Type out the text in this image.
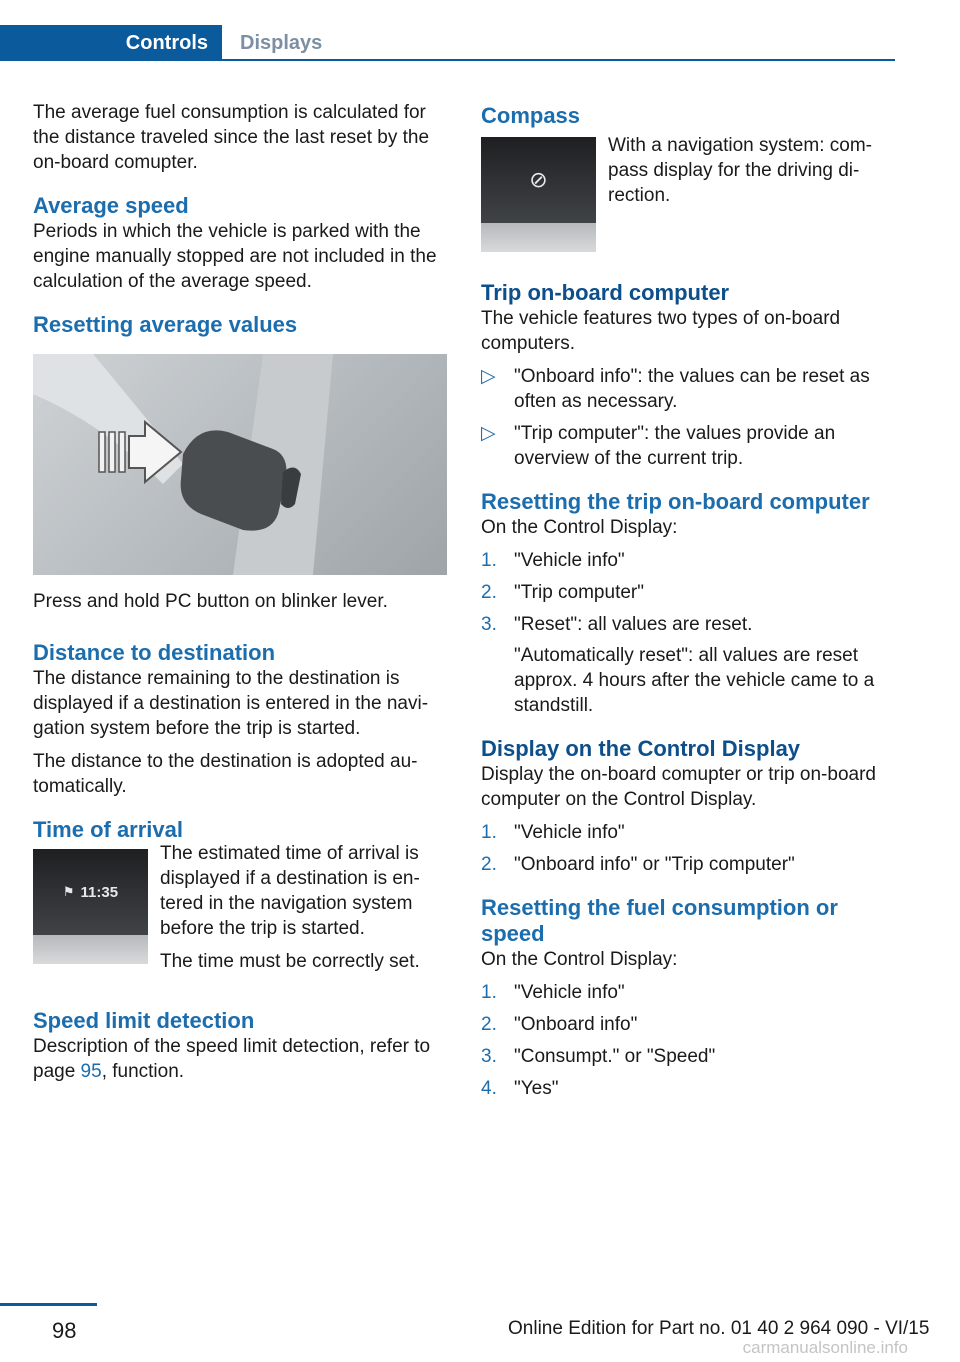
Controls	Displays

The average fuel consumption is calculated for the distance traveled since the last reset by the on-board comupter.

Average speed

Periods in which the vehicle is parked with the engine manually stopped are not included in the calculation of the average speed.

Resetting average values

Press and hold PC button on blinker lever.

Distance to destination

The distance remaining to the destination is displayed if a destination is entered in the navi‐gation system before the trip is started.

The distance to the destination is adopted au‐tomatically.

Time of arrival
⚑ 11:35

The estimated time of arrival is displayed if a destination is en‐tered in the navigation system before the trip is started.

The time must be correctly set.

Speed limit detection

Description of the speed limit detection, refer to page 95, function.

Compass
⊘

With a navigation system: com‐pass display for the driving di‐rection.

Trip on-board computer

The vehicle features two types of on-board computers.

▷ "Onboard info": the values can be reset as often as necessary.
▷ "Trip computer": the values provide an overview of the current trip.
Resetting the trip on-board computer

On the Control Display:

1. "Vehicle info"
2. "Trip computer"
3. "Reset": all values are reset.

"Automatically reset": all values are reset approx. 4 hours after the vehicle came to a standstill.

Display on the Control Display

Display the on-board comupter or trip on-board computer on the Control Display.

1. "Vehicle info"
2. "Onboard info" or "Trip computer"
Resetting the fuel consumption or speed

On the Control Display:

1. "Vehicle info"
2. "Onboard info"
3. "Consumpt." or "Speed"
4. "Yes"
98	Online Edition for Part no. 01 40 2 964 090 - VI/15
carmanualsonline.info
